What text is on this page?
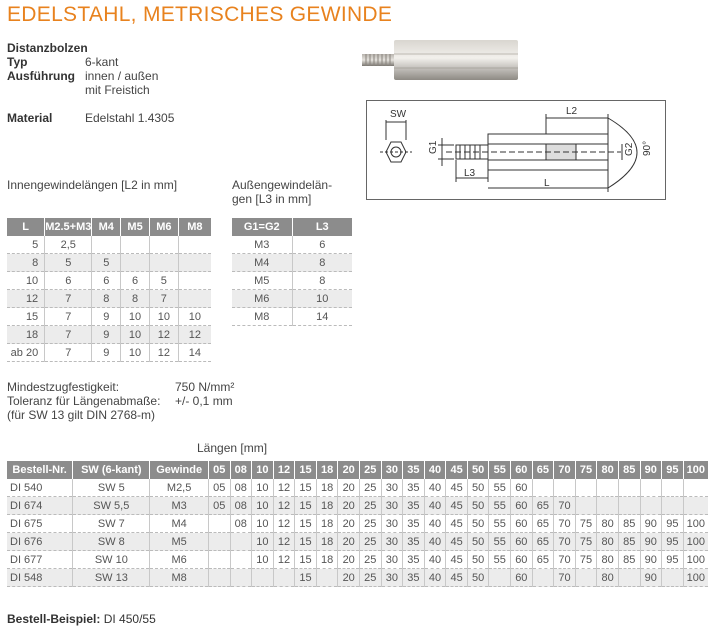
EDELSTAHL, METRISCHES GEWINDE
Distanzbolzen
Typ	6-kant
Ausführung innen / außen
mit Freistich
Material	Edelstahl 1.4305	SW	L2
G1	G2
L3
L
90°
Innengewindelängen [L2 in mm]	Außengewindelän-
gen [L3 in mm]
L	M2.5+M3	M4	M5	M6	M8
5	2,5				
8	5	5			
10	6	6	6	5	
12	7	8	8	7	
15	7	9	10	10	10
18	7	9	10	12	12
ab 20	7	9	10	12	14
G1=G2	L3
M3	6
M4	8
M5	8
M6	10
M8	14
Mindestzugfestigkeit:	750 N/mm²
Toleranz für Längenabmaße: +/- 0,1 mm
(für SW 13 gilt DIN 2768-m)
Längen [mm]
Bestell-Nr.	SW (6-kant)	Gewinde	05	08	10	12	15	18	20	25	30	35	40	45	50	55	60	65	70	75	80	85	90	95	100
DI 540	SW 5	M2,5	05	08	10	12	15	18	20	25	30	35	40	45	50	55	60								
DI 674	SW 5,5	M3	05	08	10	12	15	18	20	25	30	35	40	45	50	55	60	65	70						
DI 675	SW 7	M4		08	10	12	15	18	20	25	30	35	40	45	50	55	60	65	70	75	80	85	90	95	100
DI 676	SW 8	M5			10	12	15	18	20	25	30	35	40	45	50	55	60	65	70	75	80	85	90	95	100
DI 677	SW 10	M6			10	12	15	18	20	25	30	35	40	45	50	55	60	65	70	75	80	85	90	95	100
DI 548	SW 13	M8					15		20	25	30	35	40	45	50		60		70		80		90		100
Bestell-Beispiel: DI 450/55
